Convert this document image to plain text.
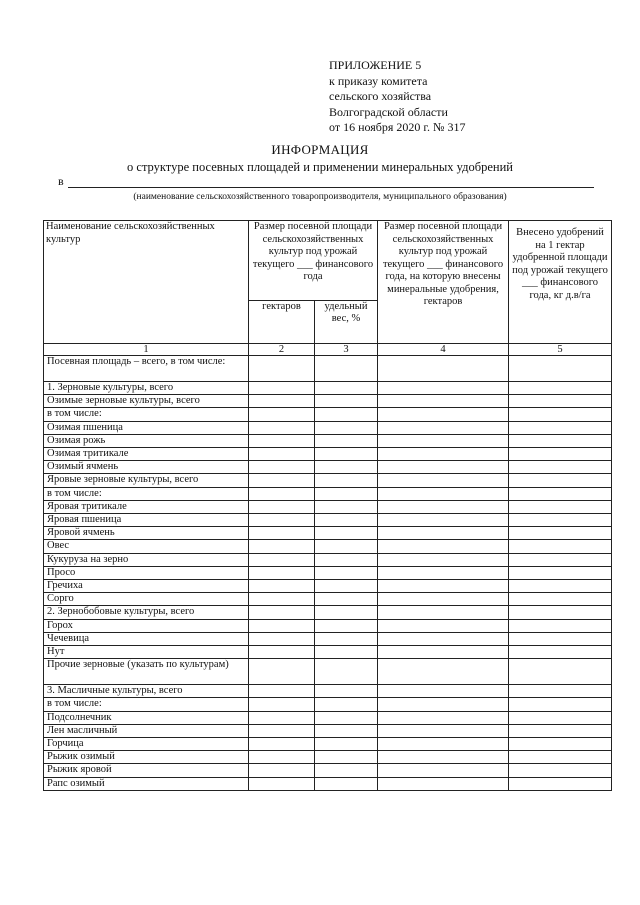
ПРИЛОЖЕНИЕ 5
к приказу комитета
сельского хозяйства
Волгоградской области
от 16 ноября 2020 г. № 317
ИНФОРМАЦИЯ
о структуре посевных площадей и применении минеральных удобрений
в
(наименование сельскохозяйственного товаропроизводителя, муниципального образования)
Наименование сельскохозяйственных культур	Размер посевной площади сельскохозяйственных культур под урожай текущего ___ финансового года		Размер посевной площади сельскохозяйственных культур под урожай текущего ___ финансового года, на которую внесены минеральные удобрения, гектаров	Внесено удобрений на 1 гектар удобренной площади под урожай текущего ___ финансового года, кг д.в/га
	гектаров	удельный вес, %		
1	2	3	4	5
Посевная площадь – всего, в том числе:				
1. Зерновые культуры, всего				
Озимые зерновые культуры, всего				
в том числе:				
Озимая пшеница				
Озимая рожь				
Озимая тритикале				
Озимый ячмень				
Яровые зерновые культуры, всего				
в том числе:				
Яровая тритикале				
Яровая пшеница				
Яровой ячмень				
Овес				
Кукуруза на зерно				
Просо				
Гречиха				
Сорго				
2. Зернобобовые культуры, всего				
Горох				
Чечевица				
Нут				
Прочие зерновые (указать по культурам)				
3. Масличные культуры, всего				
в том числе:				
Подсолнечник				
Лен масличный				
Горчица				
Рыжик озимый				
Рыжик яровой				
Рапс озимый				
